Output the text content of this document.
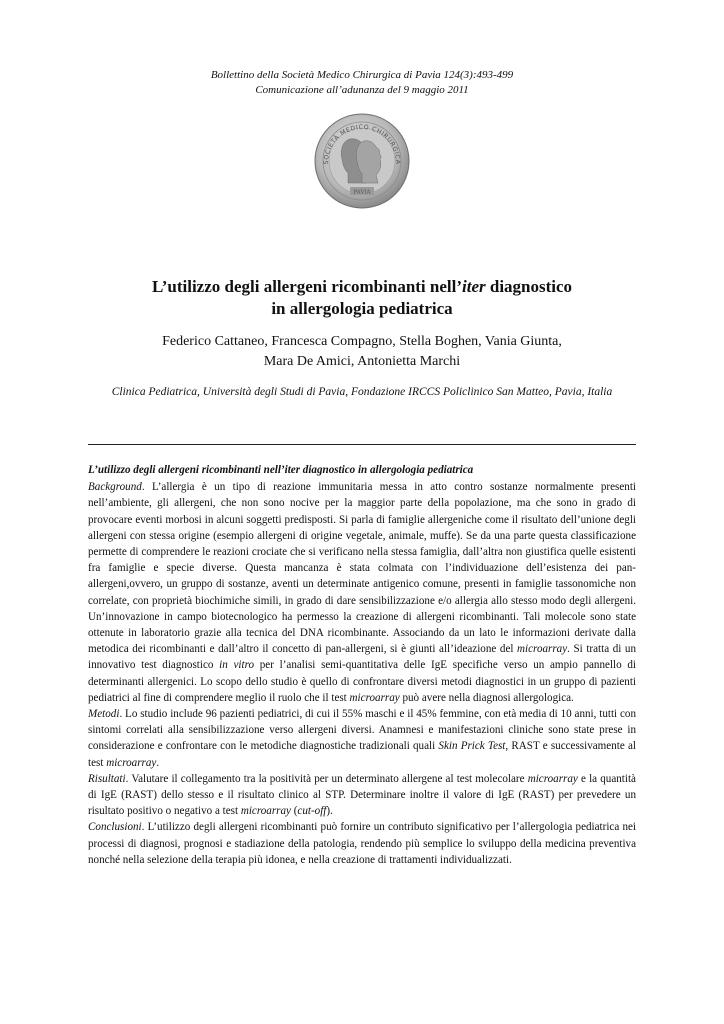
Bollettino della Società Medico Chirurgica di Pavia 124(3):493-499
Comunicazione all’adunanza del 9 maggio 2011
SOCIETÀ MEDICO CHIRURGICA
PAVIA
L’utilizzo degli allergeni ricombinanti nell’iter diagnostico
in allergologia pediatrica
Federico Cattaneo, Francesca Compagno, Stella Boghen, Vania Giunta,
Mara De Amici, Antonietta Marchi
Clinica Pediatrica, Università degli Studi di Pavia, Fondazione IRCCS Policlinico San Matteo, Pavia, Italia
L’utilizzo degli allergeni ricombinanti nell’iter diagnostico in allergologia pediatrica

Background. L’allergia è un tipo di reazione immunitaria messa in atto contro sostanze normalmente presenti nell’ambiente, gli allergeni, che non sono nocive per la maggior parte della popolazione, ma che sono in grado di provocare eventi morbosi in alcuni soggetti predisposti. Si parla di famiglie allergeniche come il risultato dell’unione degli allergeni con stessa origine (esempio allergeni di origine vegetale, animale, muffe). Se da una parte questa classificazione permette di comprendere le reazioni crociate che si verificano nella stessa famiglia, dall’altra non giustifica quelle esistenti fra famiglie e specie diverse. Questa mancanza è stata colmata con l’individuazione dell’esistenza dei pan-allergeni,ovvero, un gruppo di sostanze, aventi un determinate antigenico comune, presenti in famiglie tassonomiche non correlate, con proprietà biochimiche simili, in grado di dare sensibilizzazione e/o allergia allo stesso modo degli allergeni. Un’innovazione in campo biotecnologico ha permesso la creazione di allergeni ricombinanti. Tali molecole sono state ottenute in laboratorio grazie alla tecnica del DNA ricombinante. Associando da un lato le informazioni derivate dalla metodica dei ricombinanti e dall’altro il concetto di pan-allergeni, si è giunti all’ideazione del microarray. Si tratta di un innovativo test diagnostico in vitro per l’analisi semi-quantitativa delle IgE specifiche verso un ampio pannello di determinanti allergenici. Lo scopo dello studio è quello di confrontare diversi metodi diagnostici in un gruppo di pazienti pediatrici al fine di comprendere meglio il ruolo che il test microarray può avere nella diagnosi allergologica.

Metodi. Lo studio include 96 pazienti pediatrici, di cui il 55% maschi e il 45% femmine, con età media di 10 anni, tutti con sintomi correlati alla sensibilizzazione verso allergeni diversi. Anamnesi e manifestazioni cliniche sono state prese in considerazione e confrontare con le metodiche diagnostiche tradizionali quali Skin Prick Test, RAST e successivamente al test microarray.

Risultati. Valutare il collegamento tra la positività per un determinato allergene al test molecolare microarray e la quantità di IgE (RAST) dello stesso e il risultato clinico al STP. Determinare inoltre il valore di IgE (RAST) per prevedere un risultato positivo o negativo a test microarray (cut-off).

Conclusioni. L’utilizzo degli allergeni ricombinanti può fornire un contributo significativo per l’allergologia pediatrica nei processi di diagnosi, prognosi e stadiazione della patologia, rendendo più semplice lo sviluppo della medicina preventiva nonché nella selezione della terapia più idonea, e nella creazione di trattamenti individualizzati.
